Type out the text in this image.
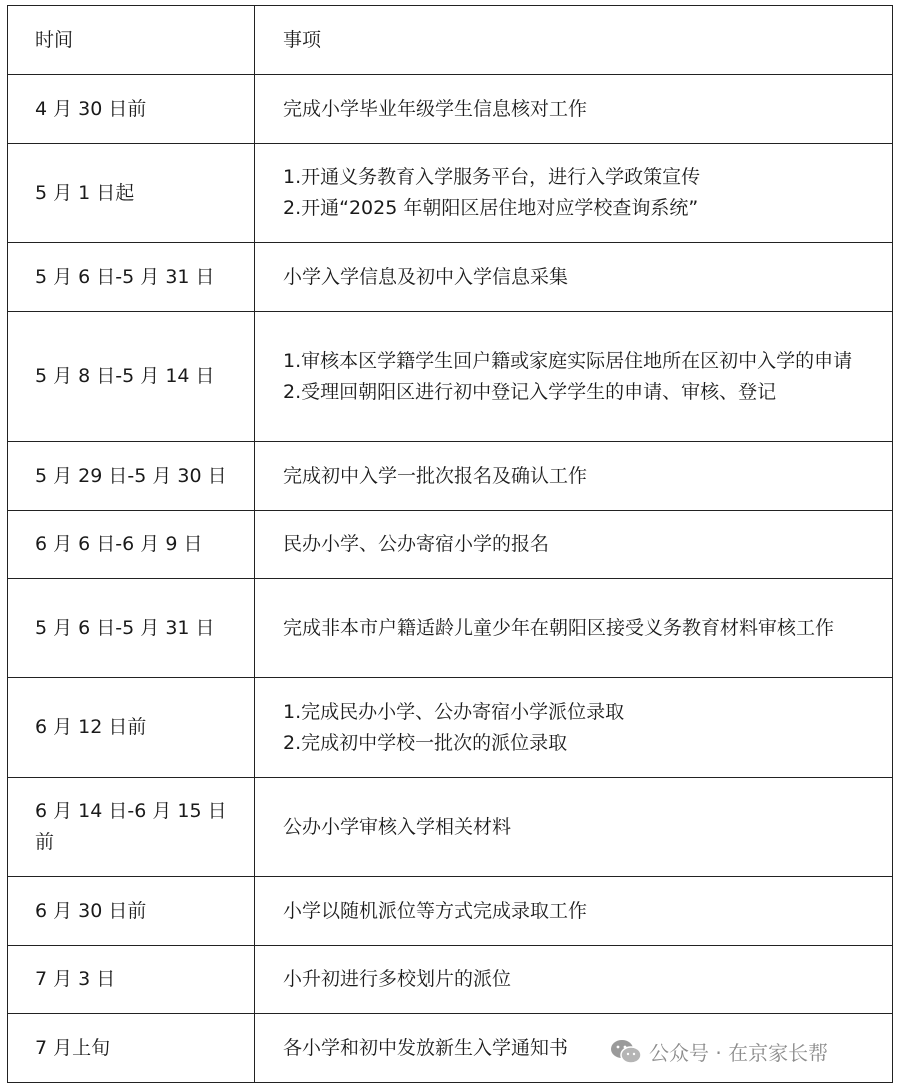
时间	事项
4 月 30 日前	完成小学毕业年级学生信息核对工作

5 月 1 日起	1.开通义务教育入学服务平台，进行入学政策宣传
2.开通“2025 年朝阳区居住地对应学校查询系统”

5 月 6 日-5 月 31 日	小学入学信息及初中入学信息采集

5 月 8 日-5 月 14 日	1.审核本区学籍学生回户籍或家庭实际居住地所在区初中入学的申请
2.受理回朝阳区进行初中登记入学学生的申请、审核、登记

5 月 29 日-5 月 30 日	完成初中入学一批次报名及确认工作

6 月 6 日-6 月 9 日	民办小学、公办寄宿小学的报名

5 月 6 日-5 月 31 日	完成非本市户籍适龄儿童少年在朝阳区接受义务教育材料审核工作

6 月 12 日前	1.完成民办小学、公办寄宿小学派位录取
2.完成初中学校一批次的派位录取

6 月 14 日-6 月 15 日前	公办小学审核入学相关材料

6 月 30 日前	小学以随机派位等方式完成录取工作

7 月 3 日	小升初进行多校划片的派位

7 月上旬	各小学和初中发放新生入学通知书	公众号 · 在京家长帮
